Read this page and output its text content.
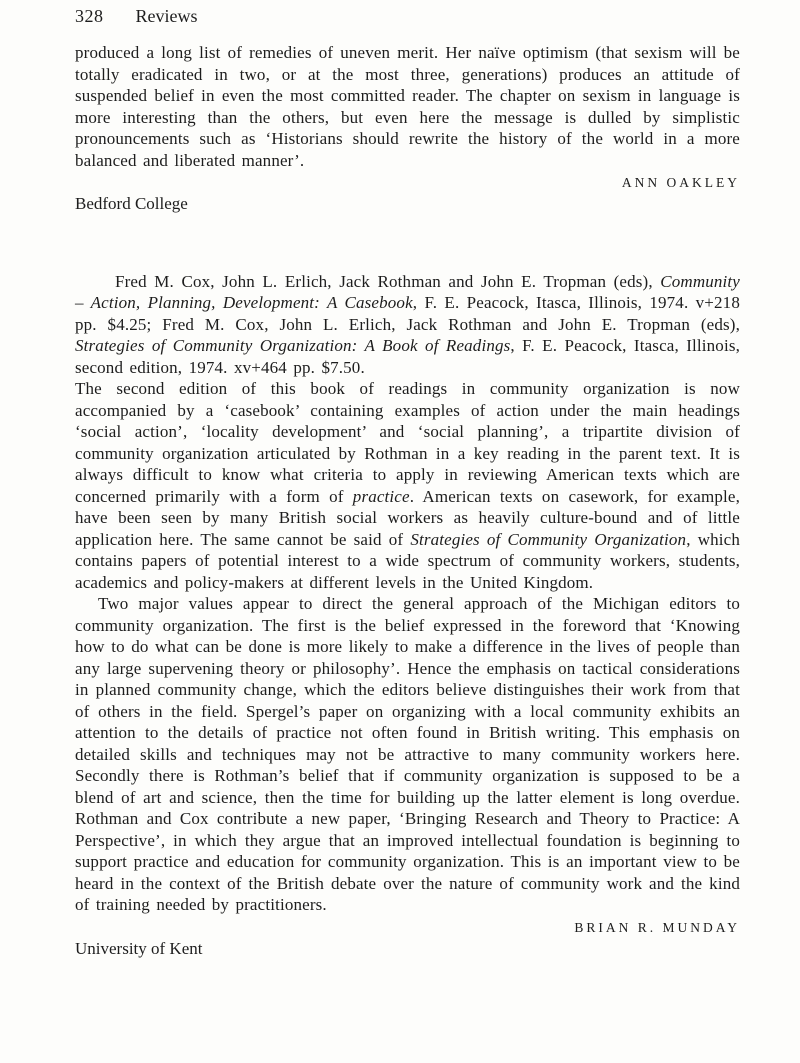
328 Reviews

produced a long list of remedies of uneven merit. Her naïve optimism (that sexism will be totally eradicated in two, or at the most three, generations) produces an attitude of suspended belief in even the most committed reader. The chapter on sexism in language is more interesting than the others, but even here the message is dulled by simplistic pronouncements such as ‘Historians should rewrite the history of the world in a more balanced and liberated manner’.

ANN OAKLEY

Bedford College

Fred M. Cox, John L. Erlich, Jack Rothman and John E. Tropman (eds), Community – Action, Planning, Development: A Casebook, F. E. Peacock, Itasca, Illinois, 1974. v+218 pp. $4.25; Fred M. Cox, John L. Erlich, Jack Rothman and John E. Tropman (eds), Strategies of Community Organization: A Book of Readings, F. E. Peacock, Itasca, Illinois, second edition, 1974. xv+464 pp. $7.50.

The second edition of this book of readings in community organization is now accompanied by a ‘casebook’ containing examples of action under the main headings ‘social action’, ‘locality development’ and ‘social planning’, a tripartite division of community organization articulated by Rothman in a key reading in the parent text. It is always difficult to know what criteria to apply in reviewing American texts which are concerned primarily with a form of practice. American texts on casework, for example, have been seen by many British social workers as heavily culture-bound and of little application here. The same cannot be said of Strategies of Community Organization, which contains papers of potential interest to a wide spectrum of community workers, students, academics and policy-makers at different levels in the United Kingdom.

Two major values appear to direct the general approach of the Michigan editors to community organization. The first is the belief expressed in the foreword that ‘Knowing how to do what can be done is more likely to make a difference in the lives of people than any large supervening theory or philosophy’. Hence the emphasis on tactical considerations in planned community change, which the editors believe distinguishes their work from that of others in the field. Spergel’s paper on organizing with a local community exhibits an attention to the details of practice not often found in British writing. This emphasis on detailed skills and techniques may not be attractive to many community workers here. Secondly there is Rothman’s belief that if community organization is supposed to be a blend of art and science, then the time for building up the latter element is long overdue. Rothman and Cox contribute a new paper, ‘Bringing Research and Theory to Practice: A Perspective’, in which they argue that an improved intellectual foundation is beginning to support practice and education for community organization. This is an important view to be heard in the context of the British debate over the nature of community work and the kind of training needed by practitioners.

BRIAN R. MUNDAY

University of Kent
